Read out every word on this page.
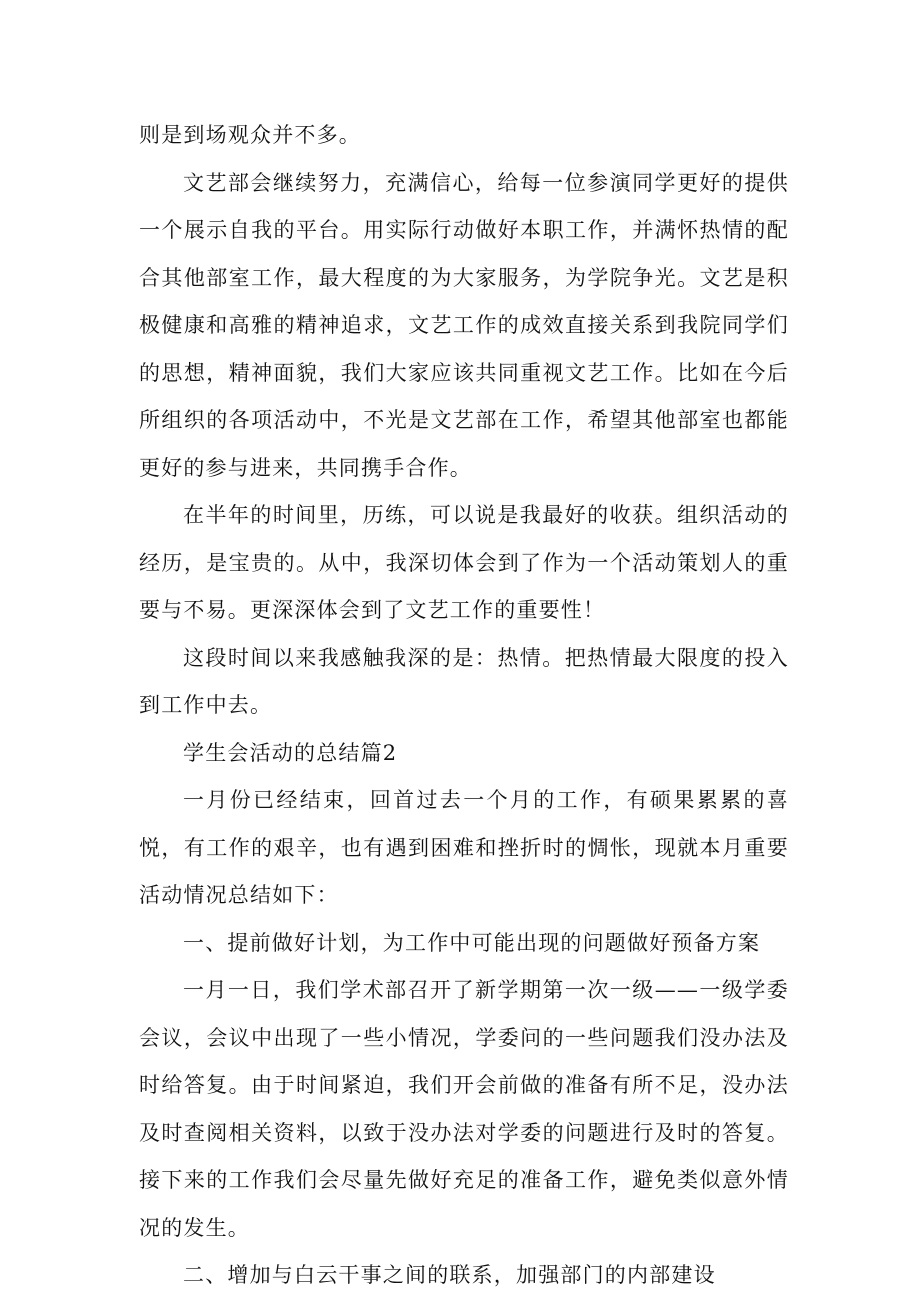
则是到场观众并不多。

文艺部会继续努力，充满信心，给每一位参演同学更好的提供一个展示自我的平台。用实际行动做好本职工作，并满怀热情的配合其他部室工作，最大程度的为大家服务，为学院争光。文艺是积极健康和高雅的精神追求，文艺工作的成效直接关系到我院同学们的思想，精神面貌，我们大家应该共同重视文艺工作。比如在今后所组织的各项活动中，不光是文艺部在工作，希望其他部室也都能更好的参与进来，共同携手合作。

在半年的时间里，历练，可以说是我最好的收获。组织活动的经历，是宝贵的。从中，我深切体会到了作为一个活动策划人的重要与不易。更深深体会到了文艺工作的重要性！

这段时间以来我感触我深的是：热情。把热情最大限度的投入到工作中去。

学生会活动的总结篇2

一月份已经结束，回首过去一个月的工作，有硕果累累的喜悦，有工作的艰辛，也有遇到困难和挫折时的惆怅，现就本月重要活动情况总结如下：

一、提前做好计划，为工作中可能出现的问题做好预备方案

一月一日，我们学术部召开了新学期第一次一级——一级学委会议，会议中出现了一些小情况，学委问的一些问题我们没办法及时给答复。由于时间紧迫，我们开会前做的准备有所不足，没办法及时查阅相关资料，以致于没办法对学委的问题进行及时的答复。接下来的工作我们会尽量先做好充足的准备工作，避免类似意外情况的发生。

二、增加与白云干事之间的联系，加强部门的内部建设
